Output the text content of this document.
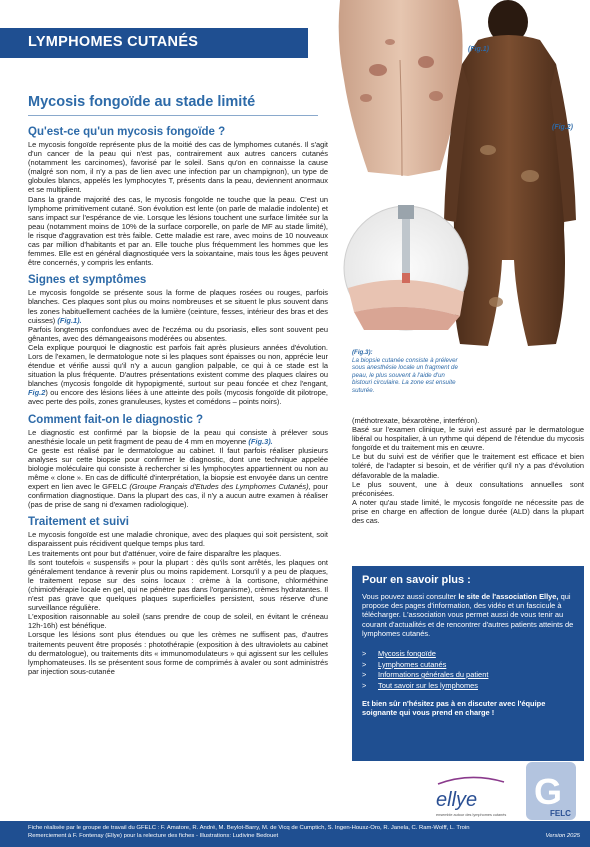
LYMPHOMES CUTANÉS
Mycosis fongoïde au stade limité
(Fig.1)
(Fig.2)
(Fig.3):
La biopsie cutanée consiste à prélever sous anesthésie locale un fragment de peau, le plus souvent à l'aide d'un bistouri circulaire. La zone est ensuite suturée.
Qu'est-ce qu'un mycosis fongoïde ?

Le mycosis fongoïde représente plus de la moitié des cas de lymphomes cutanés. Il s'agit d'un cancer de la peau qui n'est pas, contrairement aux autres cancers cutanés (notamment les carcinomes), favorisé par le soleil. Sans qu'on en connaisse la cause (malgré son nom, il n'y a pas de lien avec une infection par un champignon), un type de globules blancs, appelés les lymphocytes T, présents dans la peau, deviennent anormaux et se multiplient.

Dans la grande majorité des cas, le mycosis fongoïde ne touche que la peau. C'est un lymphome primitivement cutané. Son évolution est lente (on parle de maladie indolente) et sans impact sur l'espérance de vie. Lorsque les lésions touchent une surface limitée sur la peau (notamment moins de 10% de la surface corporelle, on parle de MF au stade limité), le risque d'aggravation est très faible. Cette maladie est rare, avec moins de 10 nouveaux cas par million d'habitants et par an. Elle touche plus fréquemment les hommes que les femmes. Elle est en général diagnostiquée vers la soixantaine, mais tous les âges peuvent être concernés, y compris les enfants.

Signes et symptômes

Le mycosis fongoïde se présente sous la forme de plaques rosées ou rouges, parfois blanches. Ces plaques sont plus ou moins nombreuses et se situent le plus souvent dans les zones habituellement cachées de la lumière (ceinture, fesses, intérieur des bras et des cuisses) (Fig.1).

Parfois longtemps confondues avec de l'eczéma ou du psoriasis, elles sont souvent peu gênantes, avec des démangeaisons modérées ou absentes.

Cela explique pourquoi le diagnostic est parfois fait après plusieurs années d'évolution. Lors de l'examen, le dermatologue note si les plaques sont épaisses ou non, apprécie leur étendue et vérifie aussi qu'il n'y a aucun ganglion palpable, ce qui à ce stade est la situation la plus fréquente. D'autres présentations existent comme des plaques claires ou blanches (mycosis fongoïde dit hypopigmenté, surtout sur peau foncée et chez l'engant, Fig.2) ou encore des lésions liées à une atteinte des poils (mycosis fongoïde dit pilotrope, avec perte des poils, zones granuleuses, kystes et comédons – points noirs).

Comment fait-on le diagnostic ?

Le diagnostic est confirmé par la biopsie de la peau qui consiste à prélever sous anesthésie locale un petit fragment de peau de 4 mm en moyenne (Fig.3).

Ce geste est réalisé par le dermatologue au cabinet. Il faut parfois réaliser plusieurs analyses sur cette biopsie pour confirmer le diagnostic, dont une technique appelée biologie moléculaire qui consiste à rechercher si les lymphocytes appartiennent ou non au même « clone ». En cas de difficulté d'interprétation, la biopsie est envoyée dans un centre expert en lien avec le GFELC (Groupe Français d'Etudes des Lymphomes Cutanés), pour confirmation diagnostique. Dans la plupart des cas, il n'y a aucun autre examen à réaliser (pas de prise de sang ni d'examen radiologique).

Traitement et suivi

Le mycosis fongoïde est une maladie chronique, avec des plaques qui soit persistent, soit disparaissent puis récidivent quelque temps plus tard.

Les traitements ont pour but d'atténuer, voire de faire disparaître les plaques.

Ils sont toutefois « suspensifs » pour la plupart : dès qu'ils sont arrêtés, les plaques ont généralement tendance à revenir plus ou moins rapidement. Lorsqu'il y a peu de plaques, le traitement repose sur des soins locaux : crème à la cortisone, chlorméthine (chimiothérapie locale en gel, qui ne pénètre pas dans l'organisme), crèmes hydratantes. Il n'est pas grave que quelques plaques superficielles persistent, sous réserve d'une surveillance régulière.

L'exposition raisonnable au soleil (sans prendre de coup de soleil, en évitant le créneau 12h-16h) est bénéfique.

Lorsque les lésions sont plus étendues ou que les crèmes ne suffisent pas, d'autres traitements peuvent être proposés : photothérapie (exposition à des ultraviolets au cabinet du dermatologue), ou traitements dits « immunomodulateurs » qui agissent sur les cellules lymphomateuses. Ils se présentent sous forme de comprimés à avaler ou sont administrés par injection sous-cutanée

(méthotrexate, béxarotène, interféron).

Basé sur l'examen clinique, le suivi est assuré par le dermatologue libéral ou hospitalier, à un rythme qui dépend de l'étendue du mycosis fongoïde et du traitement mis en œuvre.

Le but du suivi est de vérifier que le traitement est efficace et bien toléré, de l'adapter si besoin, et de vérifier qu'il n'y a pas d'évolution défavorable de la maladie.

Le plus souvent, une à deux consultations annuelles sont préconisées.

A noter qu'au stade limité, le mycosis fongoïde ne nécessite pas de prise en charge en affection de longue durée (ALD) dans la plupart des cas.

Pour en savoir plus :

Vous pouvez aussi consulter le site de l'association Ellye, qui propose des pages d'information, des vidéo et un fascicule à télécharger. L'association vous permet aussi de vous tenir au courant d'actualités et de rencontrer d'autres patients atteints de lymphomes cutanés.

> Mycosis fongoïde
> Lymphomes cutanés
> Informations générales du patient
> Tout savoir sur les lymphomes

Et bien sûr n'hésitez pas à en discuter avec l'équipe soignante qui vous prend en charge !

ellye
ensemble autour des lymphomes cutanés
G
FELC
Fiche réalisée par le groupe de travail du GFELC : F. Amatore, R. André, M. Beylot-Barry, M. de Vicq de Cumptich, S. Ingen-Housz-Oro, R. Janela, C. Ram-Wolff, L. Troin
Remerciement à F. Fontenay (Ellye) pour la relecture des fiches - Illustrations: Ludivine Bedouet	Version 2025
